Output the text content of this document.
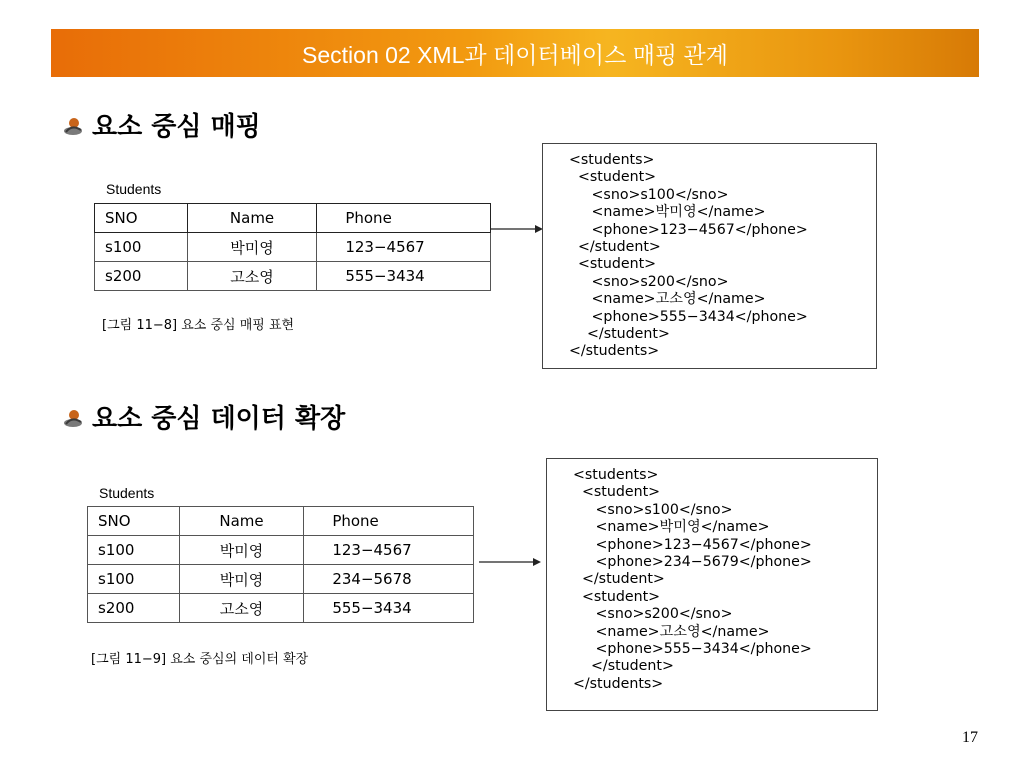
Section 02 XML과 데이터베이스 매핑 관계
요소 중심 매핑
Students
SNO	Name	Phone
s100	박미영	123−4567
s200	고소영	555−3434
[그림 11−8] 요소 중심 매핑 표현
<students>
<student>
<sno>s100</sno>
<name>박미영</name>
<phone>123−4567</phone>
</student>
<student>
<sno>s200</sno>
<name>고소영</name>
<phone>555−3434</phone>
</student>
</students>
요소 중심 데이터 확장
Students
SNO	Name	Phone
s100	박미영	123−4567
s100	박미영	234−5678
s200	고소영	555−3434
[그림 11−9] 요소 중심의 데이터 확장
<students>
<student>
<sno>s100</sno>
<name>박미영</name>
<phone>123−4567</phone>
<phone>234−5679</phone>
</student>
<student>
<sno>s200</sno>
<name>고소영</name>
<phone>555−3434</phone>
</student>
</students>
17
